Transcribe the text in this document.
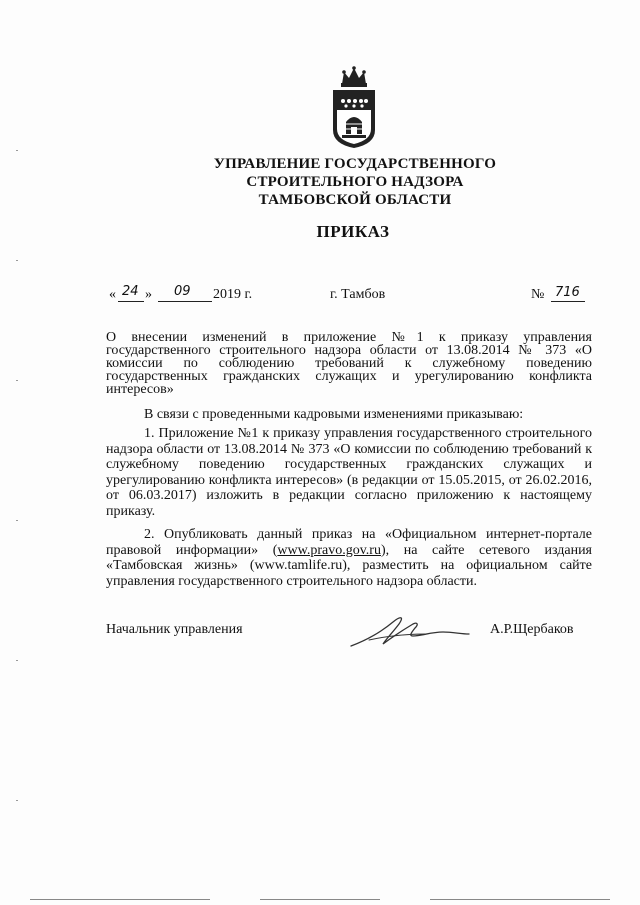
УПРАВЛЕНИЕ ГОСУДАРСТВЕННОГО
СТРОИТЕЛЬНОГО НАДЗОРА
ТАМБОВСКОЙ ОБЛАСТИ
ПРИКАЗ
« 24 » 09 2019 г.	г. Тамбов	№ 716
О внесении изменений в приложение №1 к приказу управления государственного строительного надзора области от 13.08.2014 № 373 «О комиссии по соблюдению требований к служебному поведению государственных гражданских служащих и урегулированию конфликта интересов»
В связи с проведенными кадровыми изменениями приказываю:
1. Приложение №1 к приказу управления государственного строительного надзора области от 13.08.2014 № 373 «О комиссии по соблюдению требований к служебному поведению государственных гражданских служащих и урегулированию конфликта интересов» (в редакции от 15.05.2015, от 26.02.2016, от 06.03.2017) изложить в редакции согласно приложению к настоящему приказу.
2. Опубликовать данный приказ на «Официальном интернет-портале правовой информации» (www.pravo.gov.ru), на сайте сетевого издания «Тамбовская жизнь» (www.tamlife.ru), разместить на официальном сайте управления государственного строительного надзора области.
Начальник управления	А.Р.Щербаков
